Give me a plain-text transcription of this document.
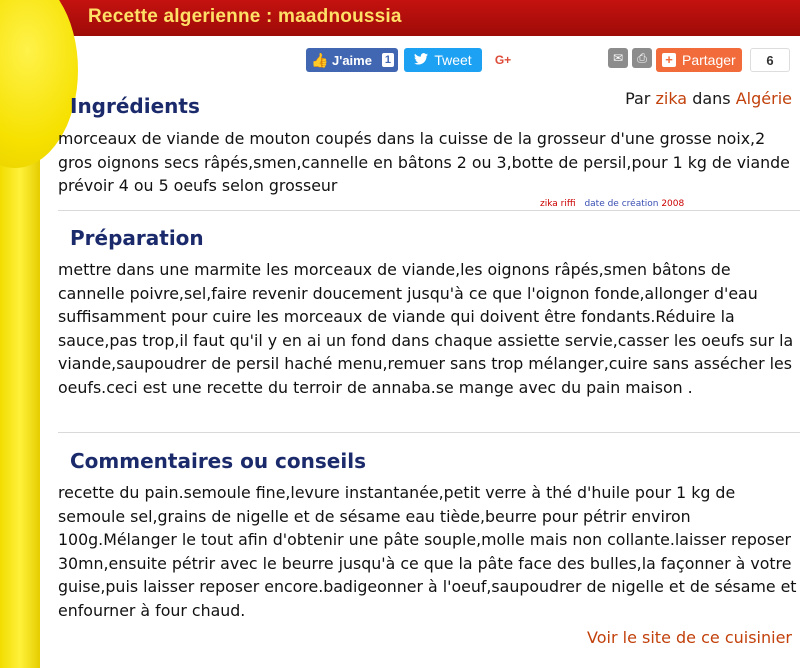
Recette algerienne : maadnoussia
👍 J'aime 1	Tweet G+	✉ ⎙ + Partager	6
Par zika dans Algérie
Ingrédients
morceaux de viande de mouton coupés dans la cuisse de la grosseur d'une grosse noix,2 gros oignons secs râpés,smen,cannelle en bâtons 2 ou 3,botte de persil,pour 1 kg de viande prévoir 4 ou 5 oeufs selon grosseur
zika riffi date de création 2008
Préparation
mettre dans une marmite les morceaux de viande,les oignons râpés,smen bâtons de cannelle poivre,sel,faire revenir doucement jusqu'à ce que l'oignon fonde,allonger d'eau suffisamment pour cuire les morceaux de viande qui doivent être fondants.Réduire la sauce,pas trop,il faut qu'il y en ai un fond dans chaque assiette servie,casser les oeufs sur la viande,saupoudrer de persil haché menu,remuer sans trop mélanger,cuire sans assécher les oeufs.ceci est une recette du terroir de annaba.se mange avec du pain maison .
Commentaires ou conseils
recette du pain.semoule fine,levure instantanée,petit verre à thé d'huile pour 1 kg de semoule sel,grains de nigelle et de sésame eau tiède,beurre pour pétrir environ 100g.Mélanger le tout afin d'obtenir une pâte souple,molle mais non collante.laisser reposer 30mn,ensuite pétrir avec le beurre jusqu'à ce que la pâte face des bulles,la façonner à votre guise,puis laisser reposer encore.badigeonner à l'oeuf,saupoudrer de nigelle et de sésame et enfourner à four chaud.
Voir le site de ce cuisinier
